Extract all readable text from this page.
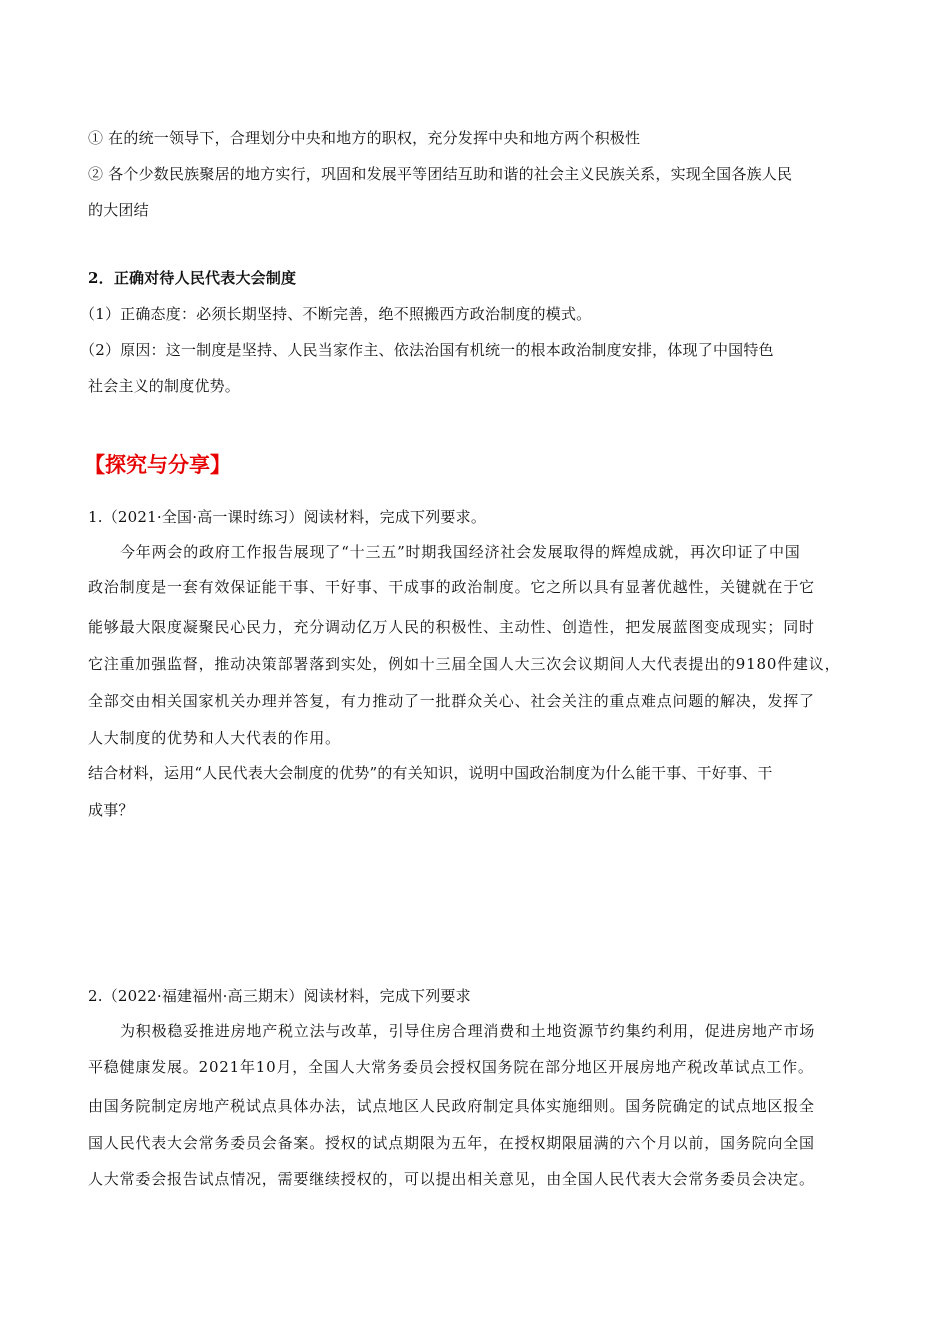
① 在的统一领导下，合理划分中央和地方的职权，充分发挥中央和地方两个积极性
② 各个少数民族聚居的地方实行，巩固和发展平等团结互助和谐的社会主义民族关系，实现全国各族人民
的大团结
2．正确对待人民代表大会制度
（1）正确态度：必须长期坚持、不断完善，绝不照搬西方政治制度的模式。
（2）原因：这一制度是坚持、人民当家作主、依法治国有机统一的根本政治制度安排，体现了中国特色
社会主义的制度优势。
【探究与分享】
1.（2021·全国·高一课时练习）阅读材料，完成下列要求。
今年两会的政府工作报告展现了“十三五”时期我国经济社会发展取得的辉煌成就，再次印证了中国
政治制度是一套有效保证能干事、干好事、干成事的政治制度。它之所以具有显著优越性，关键就在于它
能够最大限度凝聚民心民力，充分调动亿万人民的积极性、主动性、创造性，把发展蓝图变成现实；同时
它注重加强监督，推动决策部署落到实处，例如十三届全国人大三次会议期间人大代表提出的9180件建议，
全部交由相关国家机关办理并答复，有力推动了一批群众关心、社会关注的重点难点问题的解决，发挥了
人大制度的优势和人大代表的作用。
结合材料，运用“人民代表大会制度的优势”的有关知识，说明中国政治制度为什么能干事、干好事、干
成事？
2.（2022·福建福州·高三期末）阅读材料，完成下列要求
为积极稳妥推进房地产税立法与改革，引导住房合理消费和土地资源节约集约利用，促进房地产市场
平稳健康发展。2021年10月，全国人大常务委员会授权国务院在部分地区开展房地产税改革试点工作。
由国务院制定房地产税试点具体办法，试点地区人民政府制定具体实施细则。国务院确定的试点地区报全
国人民代表大会常务委员会备案。授权的试点期限为五年，在授权期限届满的六个月以前，国务院向全国
人大常委会报告试点情况，需要继续授权的，可以提出相关意见，由全国人民代表大会常务委员会决定。
